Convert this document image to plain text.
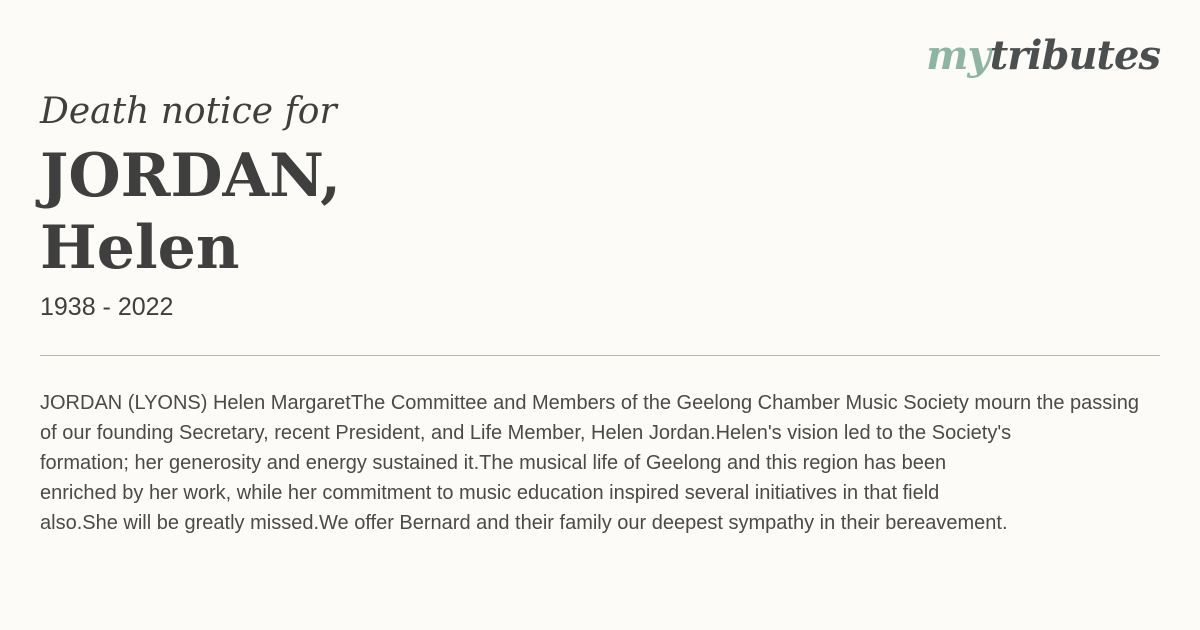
mytributes
Death notice for
JORDAN,
Helen
1938 - 2022
JORDAN (LYONS) Helen MargaretThe Committee and Members of the Geelong Chamber Music Society mourn the passing
of our founding Secretary, recent President, and Life Member, Helen Jordan.Helen's vision led to the Society's
formation; her generosity and energy sustained it.The musical life of Geelong and this region has been
enriched by her work, while her commitment to music education inspired several initiatives in that field
also.She will be greatly missed.We offer Bernard and their family our deepest sympathy in their bereavement.
